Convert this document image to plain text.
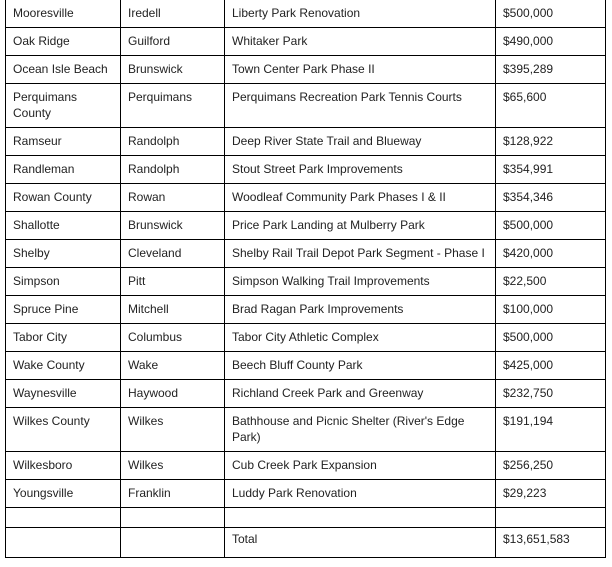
Mooresville	Iredell	Liberty Park Renovation	$500,000
Oak Ridge	Guilford	Whitaker Park	$490,000
Ocean Isle Beach	Brunswick	Town Center Park Phase II	$395,289
Perquimans County	Perquimans	Perquimans Recreation Park Tennis Courts	$65,600
Ramseur	Randolph	Deep River State Trail and Blueway	$128,922
Randleman	Randolph	Stout Street Park Improvements	$354,991
Rowan County	Rowan	Woodleaf Community Park Phases I & II	$354,346
Shallotte	Brunswick	Price Park Landing at Mulberry Park	$500,000
Shelby	Cleveland	Shelby Rail Trail Depot Park Segment - Phase I	$420,000
Simpson	Pitt	Simpson Walking Trail Improvements	$22,500
Spruce Pine	Mitchell	Brad Ragan Park Improvements	$100,000
Tabor City	Columbus	Tabor City Athletic Complex	$500,000
Wake County	Wake	Beech Bluff County Park	$425,000
Waynesville	Haywood	Richland Creek Park and Greenway	$232,750
Wilkes County	Wilkes	Bathhouse and Picnic Shelter (River's Edge Park)	$191,194
Wilkesboro	Wilkes	Cub Creek Park Expansion	$256,250
Youngsville	Franklin	Luddy Park Renovation	$29,223

		Total	$13,651,583
